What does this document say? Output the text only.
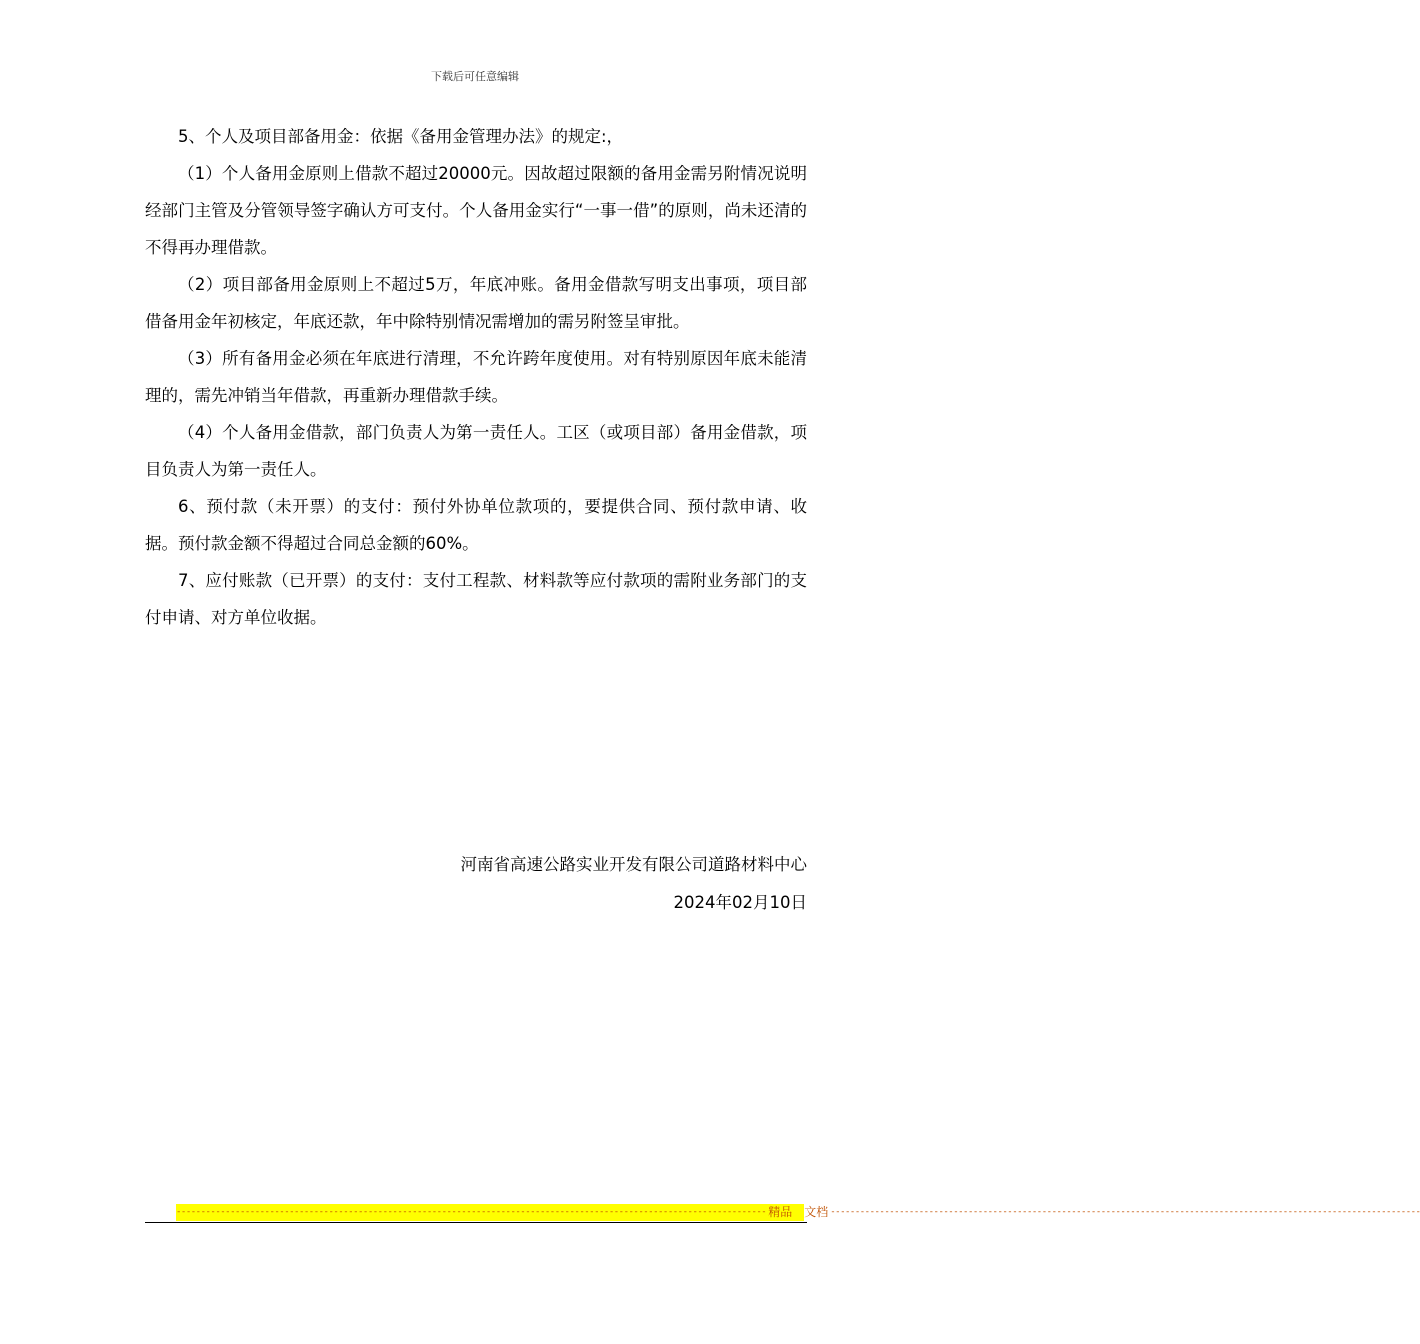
下载后可任意编辑

5、个人及项目部备用金：依据《备用金管理办法》的规定:，

（1）个人备用金原则上借款不超过20000元。因故超过限额的备用金需另附情况说明经部门主管及分管领导签字确认方可支付。个人备用金实行“一事一借”的原则，尚未还清的不得再办理借款。

（2）项目部备用金原则上不超过5万，年底冲账。备用金借款写明支出事项，项目部借备用金年初核定，年底还款，年中除特别情况需增加的需另附签呈审批。

（3）所有备用金必须在年底进行清理，不允许跨年度使用。对有特别原因年底未能清理的，需先冲销当年借款，再重新办理借款手续。

（4）个人备用金借款，部门负责人为第一责任人。工区（或项目部）备用金借款，项目负责人为第一责任人。

6、预付款（未开票）的支付：预付外协单位款项的，要提供合同、预付款申请、收据。预付款金额不得超过合同总金额的60%。

7、应付账款（已开票）的支付：支付工程款、材料款等应付款项的需附业务部门的支付申请、对方单位收据。

河南省高速公路实业开发有限公司道路材料中心
2024年02月10日
------------------------------------------------------------------------------------------------------------------------ 精品　文档 ------------------------------------------------------------------------------------------------------------------------
